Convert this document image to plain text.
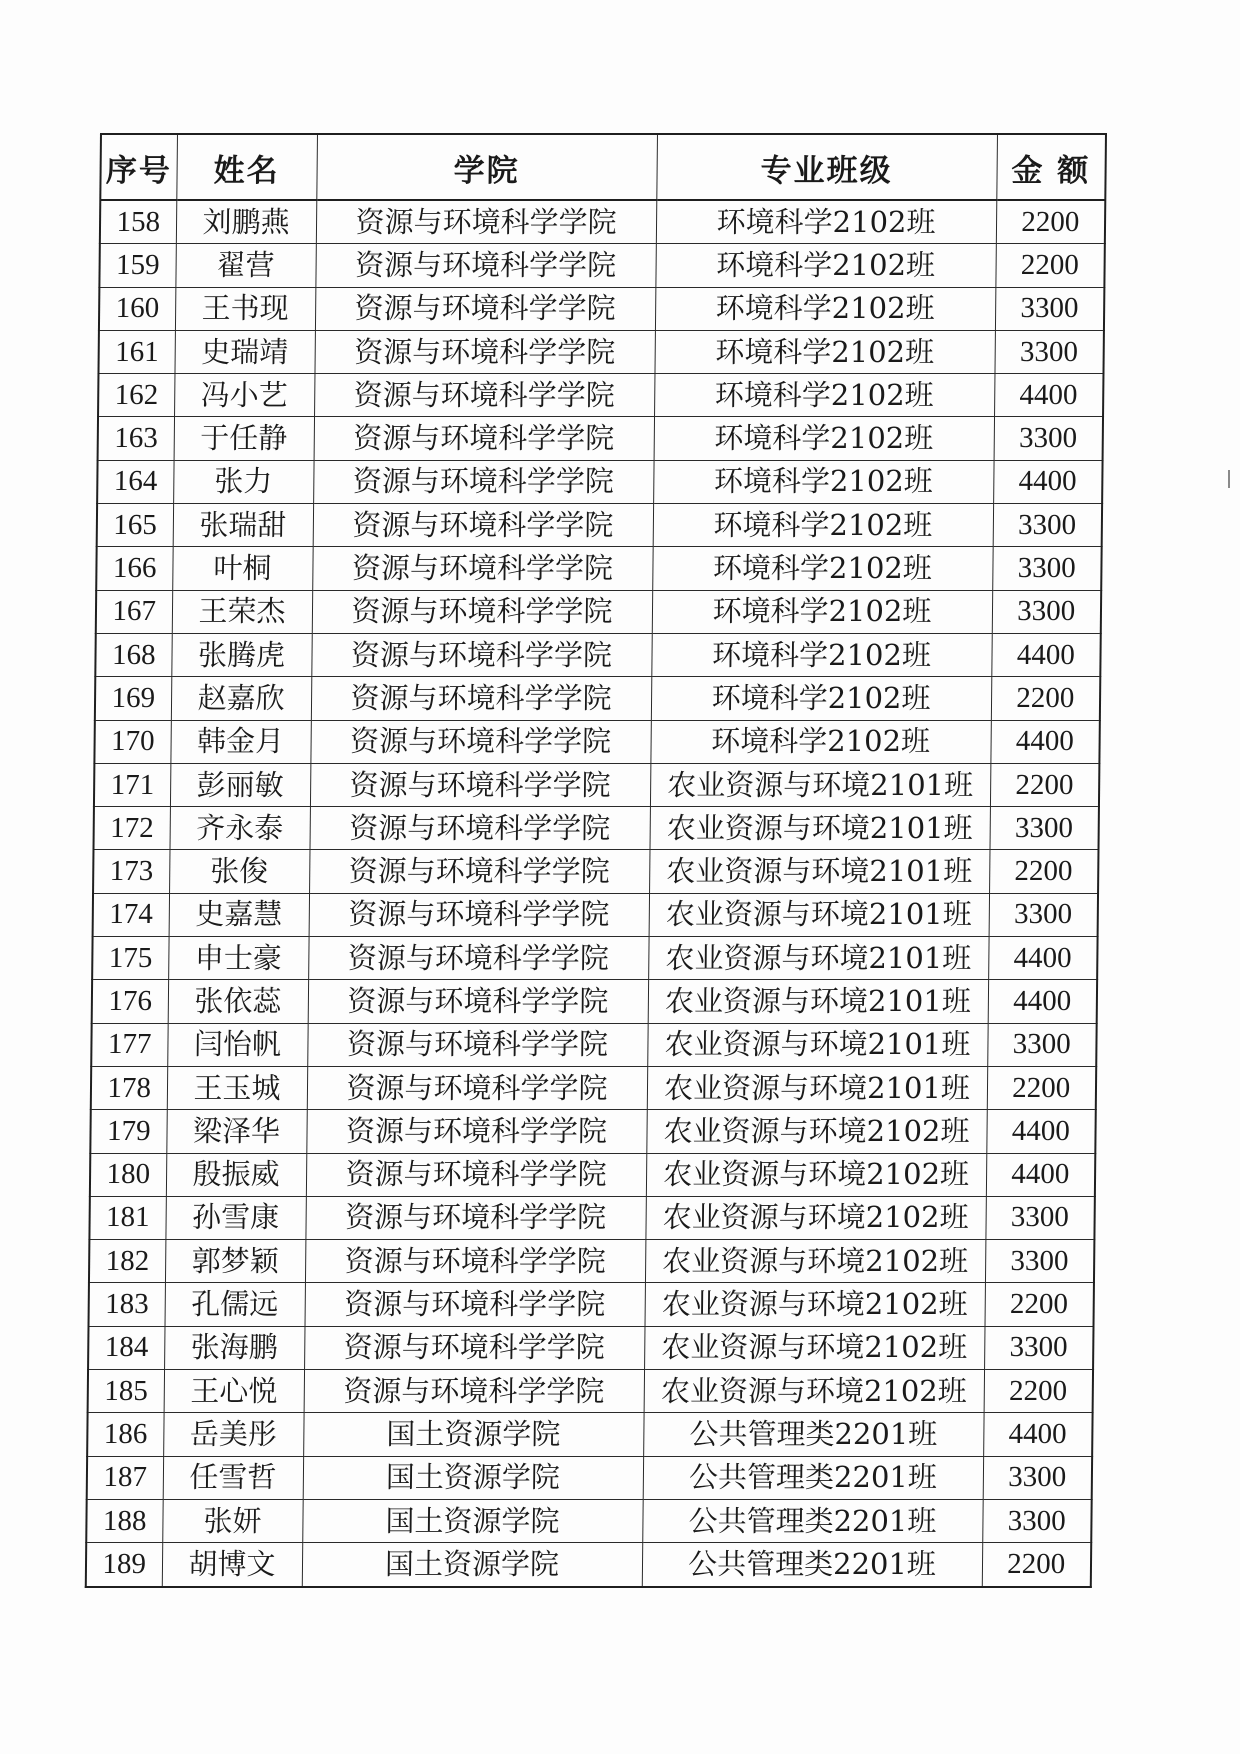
序号	姓名	学院	专业班级	金 额
158	刘鹏燕	资源与环境科学学院	环境科学2102班	2200
159	翟营	资源与环境科学学院	环境科学2102班	2200
160	王书现	资源与环境科学学院	环境科学2102班	3300
161	史瑞靖	资源与环境科学学院	环境科学2102班	3300
162	冯小艺	资源与环境科学学院	环境科学2102班	4400
163	于任静	资源与环境科学学院	环境科学2102班	3300
164	张力	资源与环境科学学院	环境科学2102班	4400
165	张瑞甜	资源与环境科学学院	环境科学2102班	3300
166	叶桐	资源与环境科学学院	环境科学2102班	3300
167	王荣杰	资源与环境科学学院	环境科学2102班	3300
168	张腾虎	资源与环境科学学院	环境科学2102班	4400
169	赵嘉欣	资源与环境科学学院	环境科学2102班	2200
170	韩金月	资源与环境科学学院	环境科学2102班	4400
171	彭丽敏	资源与环境科学学院	农业资源与环境2101班	2200
172	齐永泰	资源与环境科学学院	农业资源与环境2101班	3300
173	张俊	资源与环境科学学院	农业资源与环境2101班	2200
174	史嘉慧	资源与环境科学学院	农业资源与环境2101班	3300
175	申士豪	资源与环境科学学院	农业资源与环境2101班	4400
176	张依蕊	资源与环境科学学院	农业资源与环境2101班	4400
177	闫怡帆	资源与环境科学学院	农业资源与环境2101班	3300
178	王玉城	资源与环境科学学院	农业资源与环境2101班	2200
179	梁泽华	资源与环境科学学院	农业资源与环境2102班	4400
180	殷振威	资源与环境科学学院	农业资源与环境2102班	4400
181	孙雪康	资源与环境科学学院	农业资源与环境2102班	3300
182	郭梦颖	资源与环境科学学院	农业资源与环境2102班	3300
183	孔儒远	资源与环境科学学院	农业资源与环境2102班	2200
184	张海鹏	资源与环境科学学院	农业资源与环境2102班	3300
185	王心悦	资源与环境科学学院	农业资源与环境2102班	2200
186	岳美彤	国土资源学院	公共管理类2201班	4400
187	任雪哲	国土资源学院	公共管理类2201班	3300
188	张妍	国土资源学院	公共管理类2201班	3300
189	胡博文	国土资源学院	公共管理类2201班	2200
